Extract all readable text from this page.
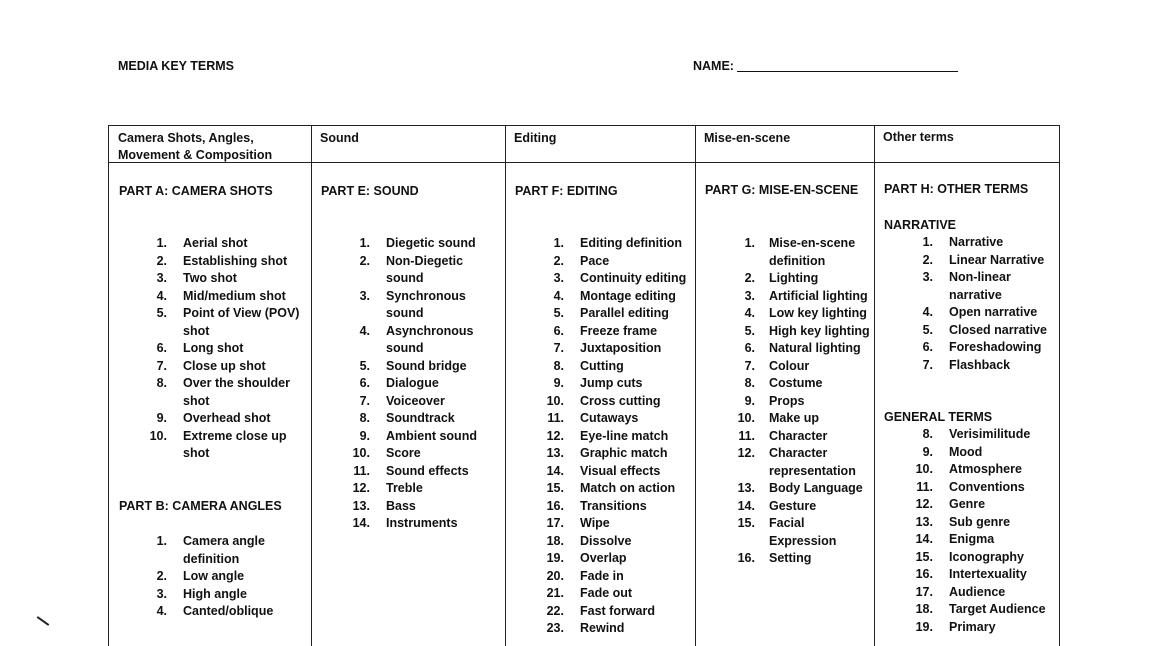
MEDIA KEY TERMS	NAME:
Camera Shots, Angles,
Movement & Composition
PART A: CAMERA SHOTS
1. Aerial shot
2. Establishing shot
3. Two shot
4. Mid/medium shot
5. Point of View (POV) shot
6. Long shot
7. Close up shot
8. Over the shoulder shot
9. Overhead shot
10. Extreme close up shot
PART B: CAMERA ANGLES
1. Camera angle definition
2. Low angle
3. High angle
4. Canted/oblique
Sound
PART E: SOUND
1. Diegetic sound
2. Non-Diegetic sound
3. Synchronous sound
4. Asynchronous sound
5. Sound bridge
6. Dialogue
7. Voiceover
8. Soundtrack
9. Ambient sound
10. Score
11. Sound effects
12. Treble
13. Bass
14. Instruments
Editing
PART F: EDITING
1. Editing definition
2. Pace
3. Continuity editing
4. Montage editing
5. Parallel editing
6. Freeze frame
7. Juxtaposition
8. Cutting
9. Jump cuts
10. Cross cutting
11. Cutaways
12. Eye-line match
13. Graphic match
14. Visual effects
15. Match on action
16. Transitions
17. Wipe
18. Dissolve
19. Overlap
20. Fade in
21. Fade out
22. Fast forward
23. Rewind
Mise-en-scene
PART G: MISE-EN-SCENE
1. Mise-en-scene definition
2. Lighting
3. Artificial lighting
4. Low key lighting
5. High key lighting
6. Natural lighting
7. Colour
8. Costume
9. Props
10. Make up
11. Character
12. Character representation
13. Body Language
14. Gesture
15. Facial Expression
16. Setting
Other terms
PART H: OTHER TERMS
NARRATIVE
1. Narrative
2. Linear Narrative
3. Non-linear narrative
4. Open narrative
5. Closed narrative
6. Foreshadowing
7. Flashback
GENERAL TERMS
8. Verisimilitude
9. Mood
10. Atmosphere
11. Conventions
12. Genre
13. Sub genre
14. Enigma
15. Iconography
16. Intertexuality
17. Audience
18. Target Audience
19. Primary
